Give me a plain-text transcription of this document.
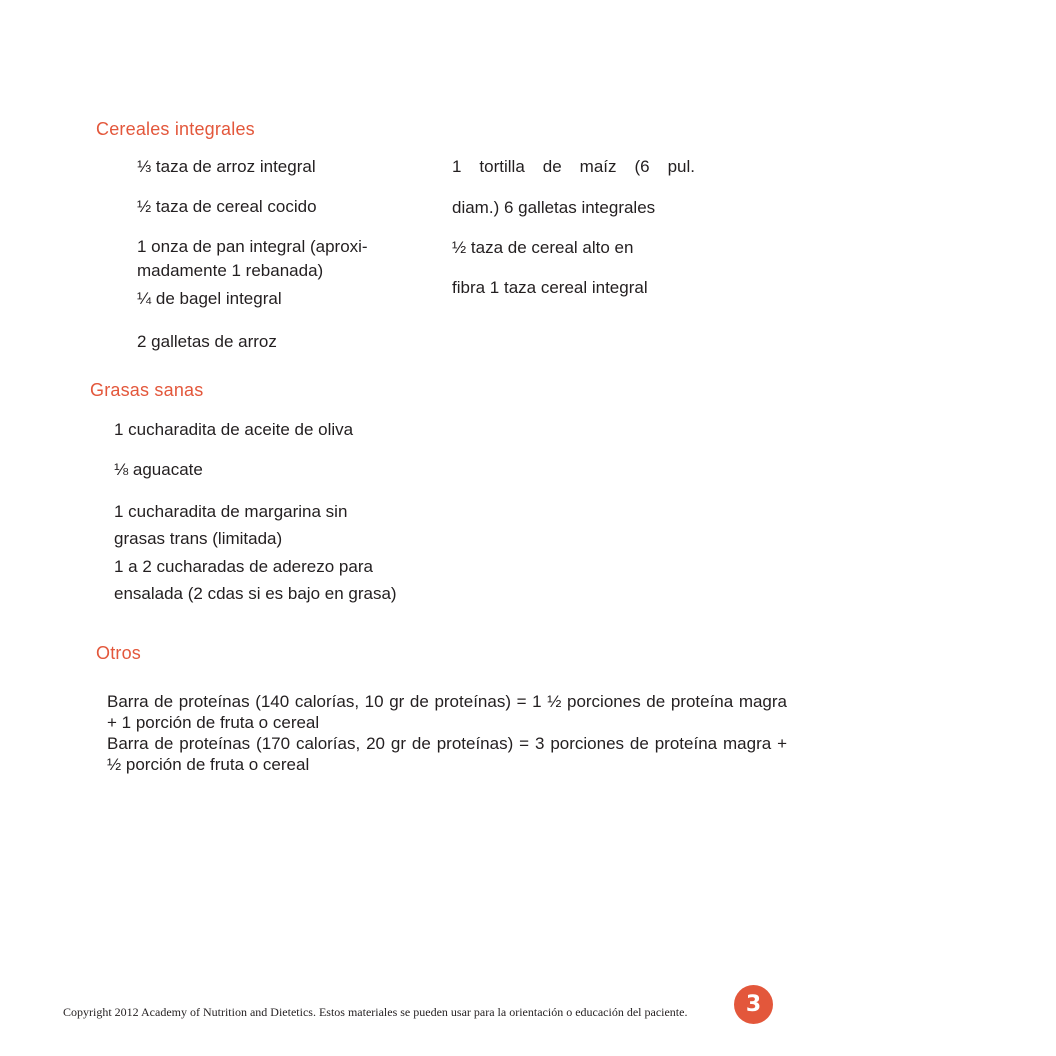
Cereales integrales

⅓ taza de arroz integral

½ taza de cereal cocido

1 onza de pan integral (aproxi-

madamente 1 rebanada)

¼ de bagel integral

2 galletas de arroz

1 tortilla de maíz (6 pul.

diam.) 6 galletas integrales

½ taza de cereal alto en

fibra 1 taza cereal integral

Grasas sanas

1 cucharadita de aceite de oliva

⅛ aguacate

1 cucharadita de margarina sin

grasas trans (limitada)

1 a 2 cucharadas de aderezo para

ensalada (2 cdas si es bajo en grasa)

Otros

Barra de proteínas (140 calorías, 10 gr de proteínas) = 1 ½ porciones de proteína magra + 1 porción de fruta o cereal

Barra de proteínas (170 calorías, 20 gr de proteínas) = 3 porciones de proteína magra + ½ porción de fruta o cereal

Copyright 2012 Academy of Nutrition and Dietetics. Estos materiales se pueden usar para la orientación o educación del paciente.	3
